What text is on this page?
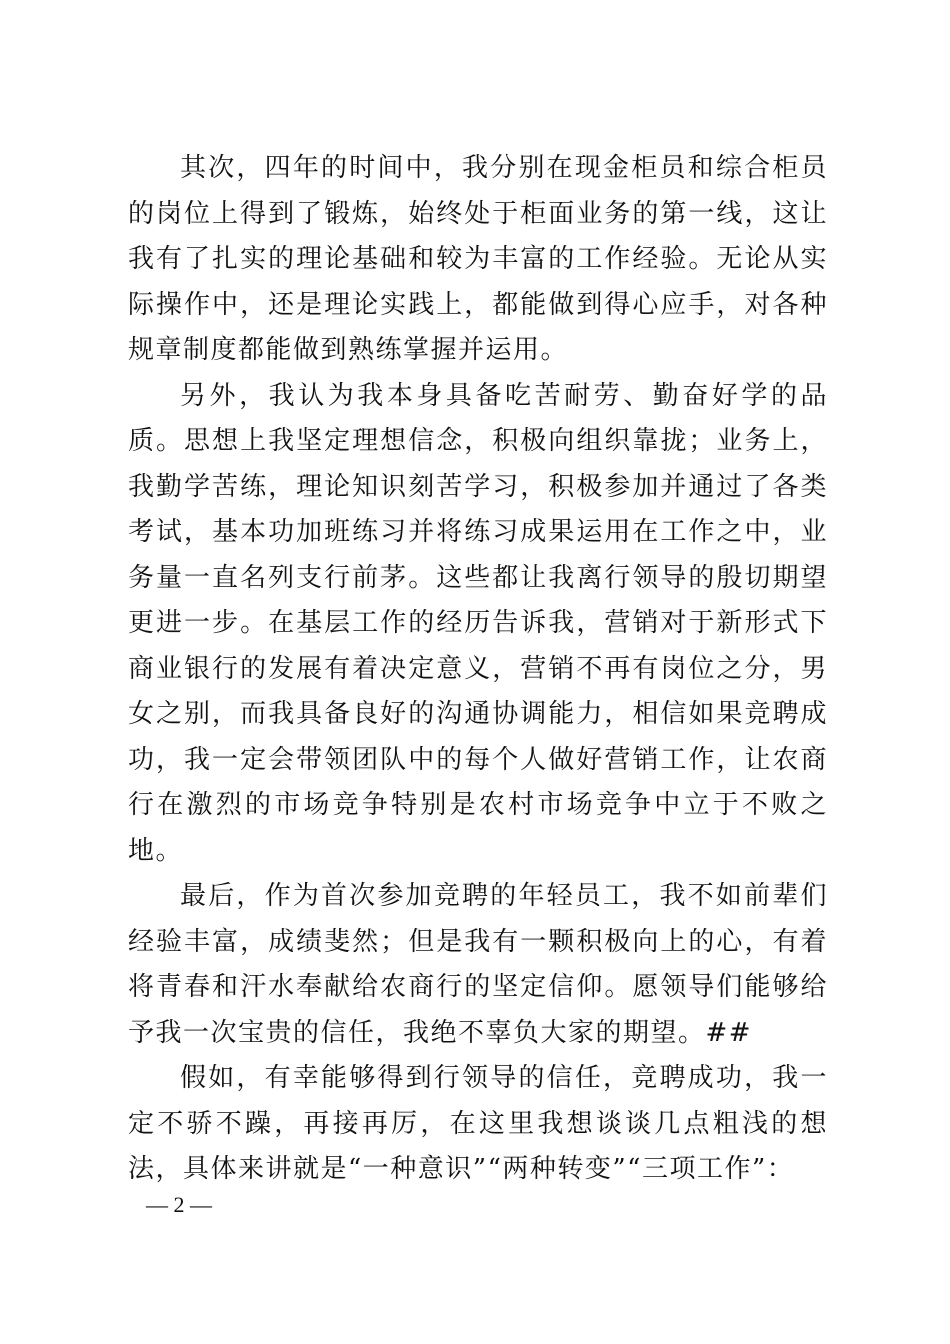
其次，四年的时间中，我分别在现金柜员和综合柜员的岗位上得到了锻炼，始终处于柜面业务的第一线，这让我有了扎实的理论基础和较为丰富的工作经验。无论从实际操作中，还是理论实践上，都能做到得心应手，对各种规章制度都能做到熟练掌握并运用。

另外，我认为我本身具备吃苦耐劳、勤奋好学的品质。思想上我坚定理想信念，积极向组织靠拢；业务上，我勤学苦练，理论知识刻苦学习，积极参加并通过了各类考试，基本功加班练习并将练习成果运用在工作之中，业务量一直名列支行前茅。这些都让我离行领导的殷切期望更进一步。在基层工作的经历告诉我，营销对于新形式下商业银行的发展有着决定意义，营销不再有岗位之分，男女之别，而我具备良好的沟通协调能力，相信如果竞聘成功，我一定会带领团队中的每个人做好营销工作，让农商行在激烈的市场竞争特别是农村市场竞争中立于不败之地。

最后，作为首次参加竞聘的年轻员工，我不如前辈们经验丰富，成绩斐然；但是我有一颗积极向上的心，有着将青春和汗水奉献给农商行的坚定信仰。愿领导们能够给予我一次宝贵的信任，我绝不辜负大家的期望。##

假如，有幸能够得到行领导的信任，竞聘成功，我一定不骄不躁，再接再厉，在这里我想谈谈几点粗浅的想法，具体来讲就是“一种意识”“两种转变”“三项工作”：

— 2 —
